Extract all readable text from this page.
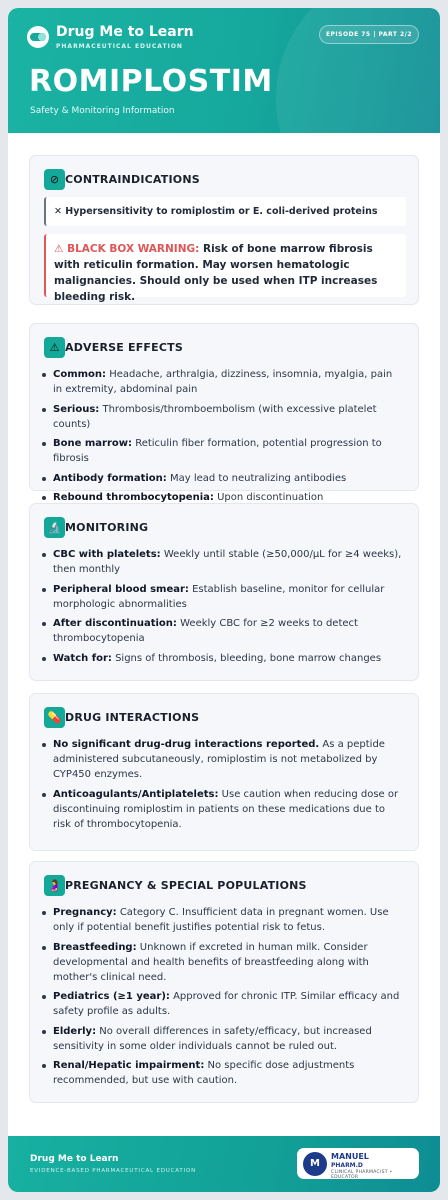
Drug Me to Learn
PHARMACEUTICAL EDUCATION
EPISODE 75 | PART 2/2
ROMIPLOSTIM
Safety & Monitoring Information
⊘ CONTRAINDICATIONS
✕ Hypersensitivity to romiplostim or E. coli-derived proteins
⚠ BLACK BOX WARNING: Risk of bone marrow fibrosis with reticulin formation. May worsen hematologic malignancies. Should only be used when ITP increases bleeding risk.
⚠ ADVERSE EFFECTS
Common: Headache, arthralgia, dizziness, insomnia, myalgia, pain in extremity, abdominal pain
Serious: Thrombosis/thromboembolism (with excessive platelet counts)
Bone marrow: Reticulin fiber formation, potential progression to fibrosis
Antibody formation: May lead to neutralizing antibodies
Rebound thrombocytopenia: Upon discontinuation
🔬 MONITORING
CBC with platelets: Weekly until stable (≥50,000/µL for ≥4 weeks), then monthly
Peripheral blood smear: Establish baseline, monitor for cellular morphologic abnormalities
After discontinuation: Weekly CBC for ≥2 weeks to detect thrombocytopenia
Watch for: Signs of thrombosis, bleeding, bone marrow changes
💊 DRUG INTERACTIONS
No significant drug-drug interactions reported. As a peptide administered subcutaneously, romiplostim is not metabolized by CYP450 enzymes.
Anticoagulants/Antiplatelets: Use caution when reducing dose or discontinuing romiplostim in patients on these medications due to risk of thrombocytopenia.
🤰 PREGNANCY & SPECIAL POPULATIONS
Pregnancy: Category C. Insufficient data in pregnant women. Use only if potential benefit justifies potential risk to fetus.
Breastfeeding: Unknown if excreted in human milk. Consider developmental and health benefits of breastfeeding along with mother's clinical need.
Pediatrics (≥1 year): Approved for chronic ITP. Similar efficacy and safety profile as adults.
Elderly: No overall differences in safety/efficacy, but increased sensitivity in some older individuals cannot be ruled out.
Renal/Hepatic impairment: No specific dose adjustments recommended, but use with caution.
Drug Me to Learn
EVIDENCE-BASED PHARMACEUTICAL EDUCATION
M
MANUEL
PHARM.D
CLINICAL PHARMACIST • EDUCATOR
